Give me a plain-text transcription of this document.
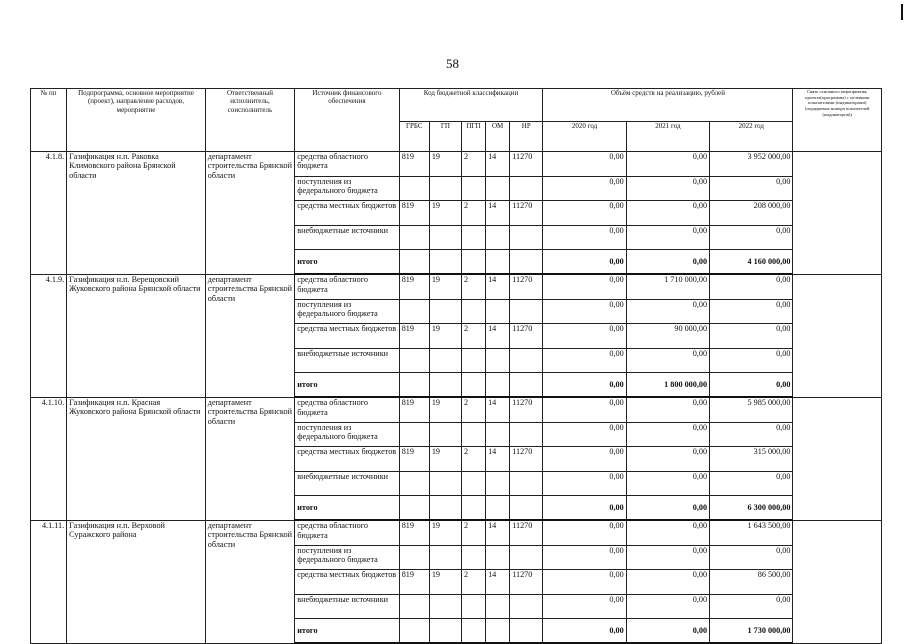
58
№ пп	Подпрограмма, основное мероприятие (проект), направление расходов, мероприятие	Ответственный исполнитель, соисполнитель	Источник финансового обеспечения	Код бюджетной классификации					Объём средств на реализацию, рублей			Связь основного мероприятия, проекта(программы) с целевыми показателями (индикаторами) (порядковые номера показателей (индикаторов))
				ГРБС	ГП	ПГП	ОМ	НР	2020 год	2021 год	2022 год	
4.1.8.	Газификация н.п. Раковка Климовского района Брянской области	департамент строительства Брянской области	средства областного бюджета	819	19	2	14	11270	0,00	0,00	3 952 000,00	
			поступления из федерального бюджета						0,00	0,00	0,00	
			средства местных бюджетов	819	19	2	14	11270	0,00	0,00	208 000,00	
			внебюджетные источники						0,00	0,00	0,00	
			итого						0,00	0,00	4 160 000,00	
4.1.9.	Газификация н.п. Верещовский Жуковского района Брянской области	департамент строительства Брянской области	средства областного бюджета	819	19	2	14	11270	0,00	1 710 000,00	0,00	
			поступления из федерального бюджета						0,00	0,00	0,00	
			средства местных бюджетов	819	19	2	14	11270	0,00	90 000,00	0,00	
			внебюджетные источники						0,00	0,00	0,00	
			итого						0,00	1 800 000,00	0,00	
4.1.10.	Газификация н.п. Красная Жуковского района Брянской области	департамент строительства Брянской области	средства областного бюджета	819	19	2	14	11270	0,00	0,00	5 985 000,00	
			поступления из федерального бюджета						0,00	0,00	0,00	
			средства местных бюджетов	819	19	2	14	11270	0,00	0,00	315 000,00	
			внебюджетные источники						0,00	0,00	0,00	
			итого						0,00	0,00	6 300 000,00	
4.1.11.	Газификация н.п. Верховой Суражского района	департамент строительства Брянской области	средства областного бюджета	819	19	2	14	11270	0,00	0,00	1 643 500,00	
			поступления из федерального бюджета						0,00	0,00	0,00	
			средства местных бюджетов	819	19	2	14	11270	0,00	0,00	86 500,00	
			внебюджетные источники						0,00	0,00	0,00	
			итого						0,00	0,00	1 730 000,00	
